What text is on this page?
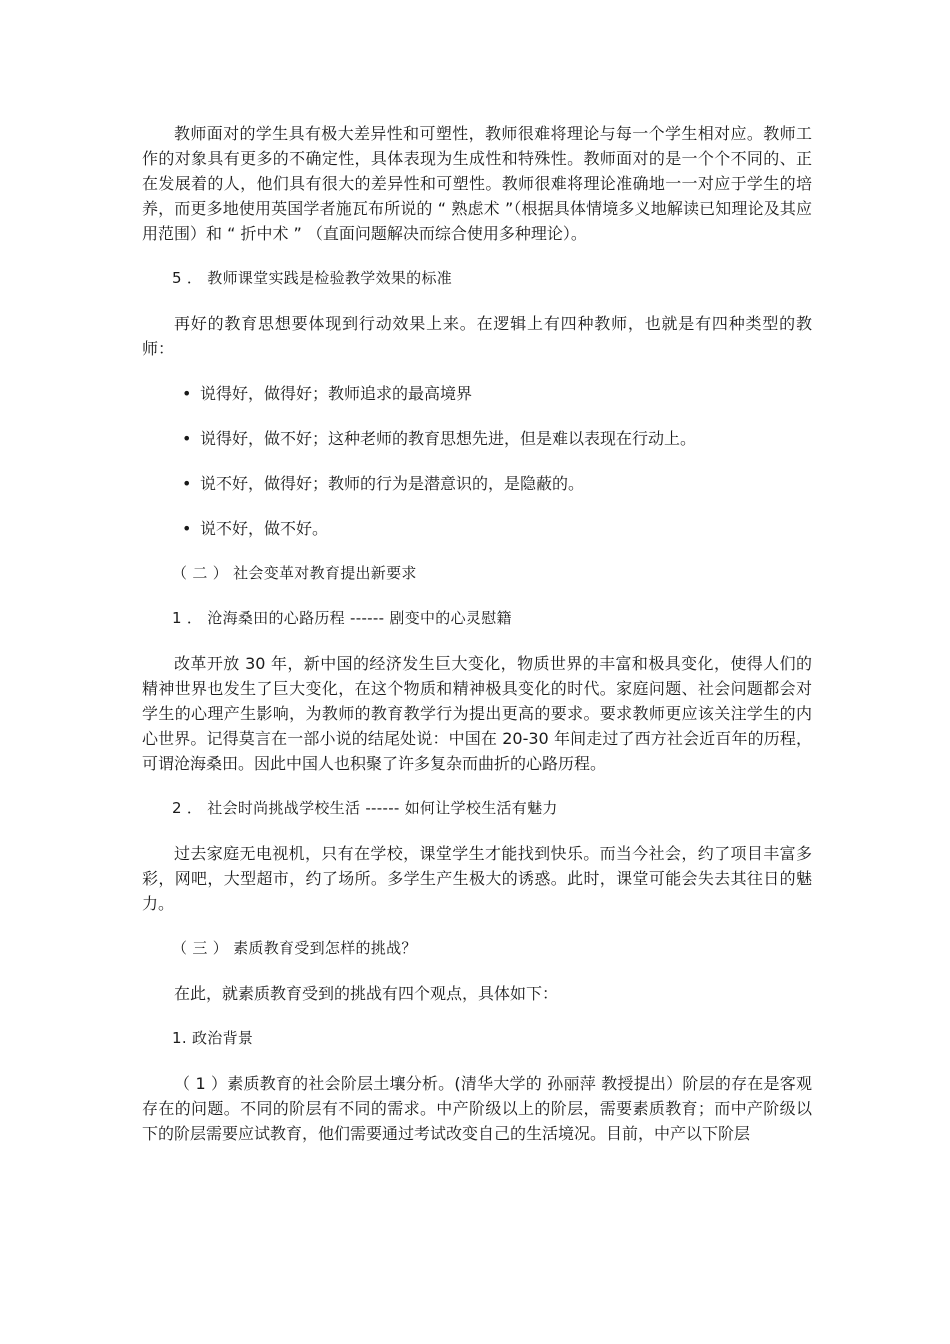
教师面对的学生具有极大差异性和可塑性，教师很难将理论与每一个学生相对应。教师工作的对象具有更多的不确定性，具体表现为生成性和特殊性。教师面对的是一个个不同的、正在发展着的人，他们具有很大的差异性和可塑性。教师很难将理论准确地一一对应于学生的培养，而更多地使用英国学者施瓦布所说的 “ 熟虑术 ”（根据具体情境多义地解读已知理论及其应用范围）和 “ 折中术 ” （直面问题解决而综合使用多种理论）。

5 ． 教师课堂实践是检验教学效果的标准

再好的教育思想要体现到行动效果上来。在逻辑上有四种教师，也就是有四种类型的教师：

• 说得好，做得好；教师追求的最高境界
• 说得好，做不好；这种老师的教育思想先进，但是难以表现在行动上。
• 说不好，做得好；教师的行为是潜意识的，是隐蔽的。
• 说不好，做不好。

（ 二 ） 社会变革对教育提出新要求

1 ． 沧海桑田的心路历程 ------ 剧变中的心灵慰籍

改革开放 30 年，新中国的经济发生巨大变化，物质世界的丰富和极具变化，使得人们的精神世界也发生了巨大变化，在这个物质和精神极具变化的时代。家庭问题、社会问题都会对学生的心理产生影响，为教师的教育教学行为提出更高的要求。要求教师更应该关注学生的内心世界。记得莫言在一部小说的结尾处说：中国在 20-30 年间走过了西方社会近百年的历程，可谓沧海桑田。因此中国人也积聚了许多复杂而曲折的心路历程。

2 ． 社会时尚挑战学校生活 ------ 如何让学校生活有魅力

过去家庭无电视机，只有在学校，课堂学生才能找到快乐。而当今社会，约了项目丰富多彩，网吧，大型超市，约了场所。多学生产生极大的诱惑。此时，课堂可能会失去其往日的魅力。

（ 三 ） 素质教育受到怎样的挑战？

在此，就素质教育受到的挑战有四个观点，具体如下：

1. 政治背景

（ 1 ）素质教育的社会阶层土壤分析。(清华大学的 孙丽萍 教授提出）阶层的存在是客观存在的问题。不同的阶层有不同的需求。中产阶级以上的阶层，需要素质教育；而中产阶级以下的阶层需要应试教育，他们需要通过考试改变自己的生活境况。目前，中产以下阶层
